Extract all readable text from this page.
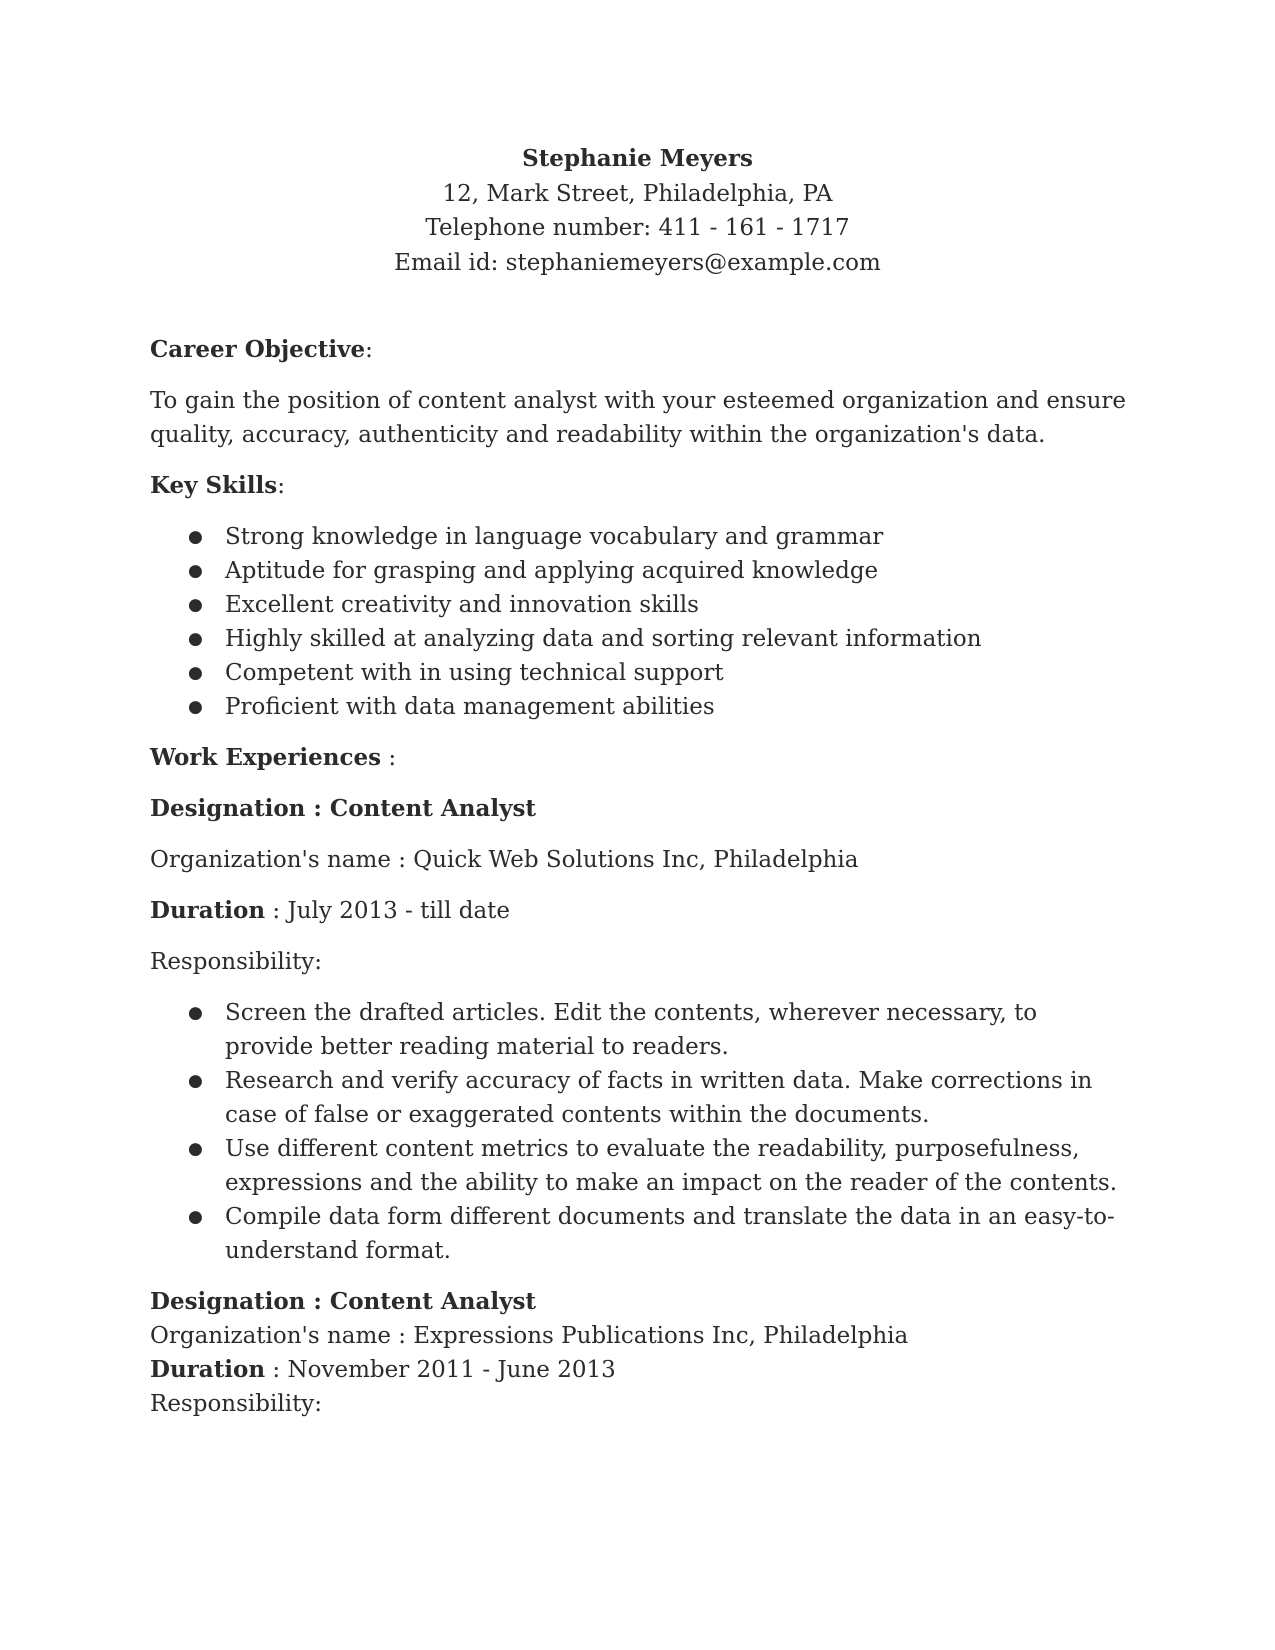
Stephanie Meyers
12, Mark Street, Philadelphia, PA
Telephone number: 411 - 161 - 1717
Email id: stephaniemeyers@example.com

Career Objective:

To gain the position of content analyst with your esteemed organization and ensure quality, accuracy, authenticity and readability within the organization's data.

Key Skills:

● Strong knowledge in language vocabulary and grammar
● Aptitude for grasping and applying acquired knowledge
● Excellent creativity and innovation skills
● Highly skilled at analyzing data and sorting relevant information
● Competent with in using technical support
● Proficient with data management abilities

Work Experiences :

Designation : Content Analyst

Organization's name : Quick Web Solutions Inc, Philadelphia

Duration : July 2013 - till date

Responsibility:

● Screen the drafted articles. Edit the contents, wherever necessary, to provide better reading material to readers.
● Research and verify accuracy of facts in written data. Make corrections in case of false or exaggerated contents within the documents.
● Use different content metrics to evaluate the readability, purposefulness, expressions and the ability to make an impact on the reader of the contents.
● Compile data form different documents and translate the data in an easy-to-understand format.

Designation : Content Analyst

Organization's name : Expressions Publications Inc, Philadelphia

Duration : November 2011 - June 2013

Responsibility:
